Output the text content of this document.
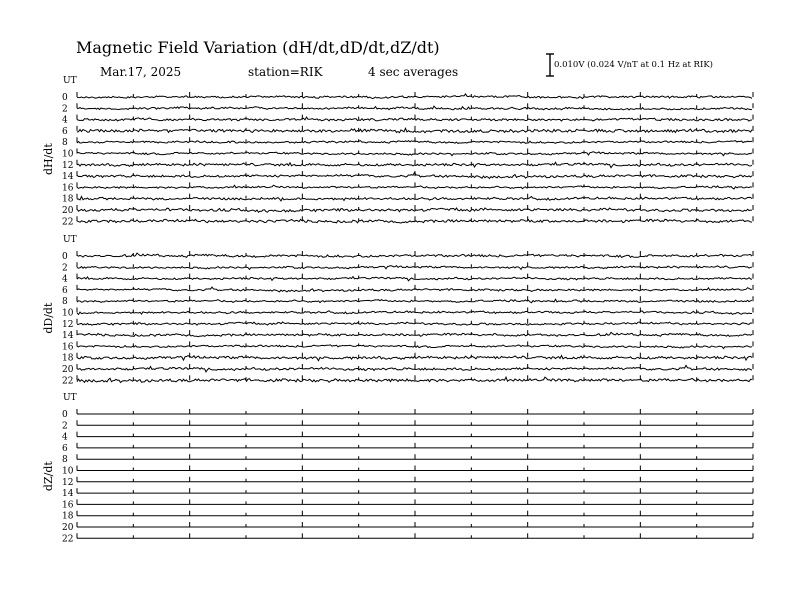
Magnetic Field Variation (dH/dt,dD/dt,dZ/dt)
Mar.17, 2025	station=RIK	4 sec averages	0.010V (0.024 V/nT at 0.1 Hz at RIK)
UT
dH/dt
0
2
4
6
8
10
12
14
16
18
20
22
UT
dD/dt
0
2
4
6
8
10
12
14
16
18
20
22
UT
dZ/dt
0
2
4
6
8
10
12
14
16
18
20
22
